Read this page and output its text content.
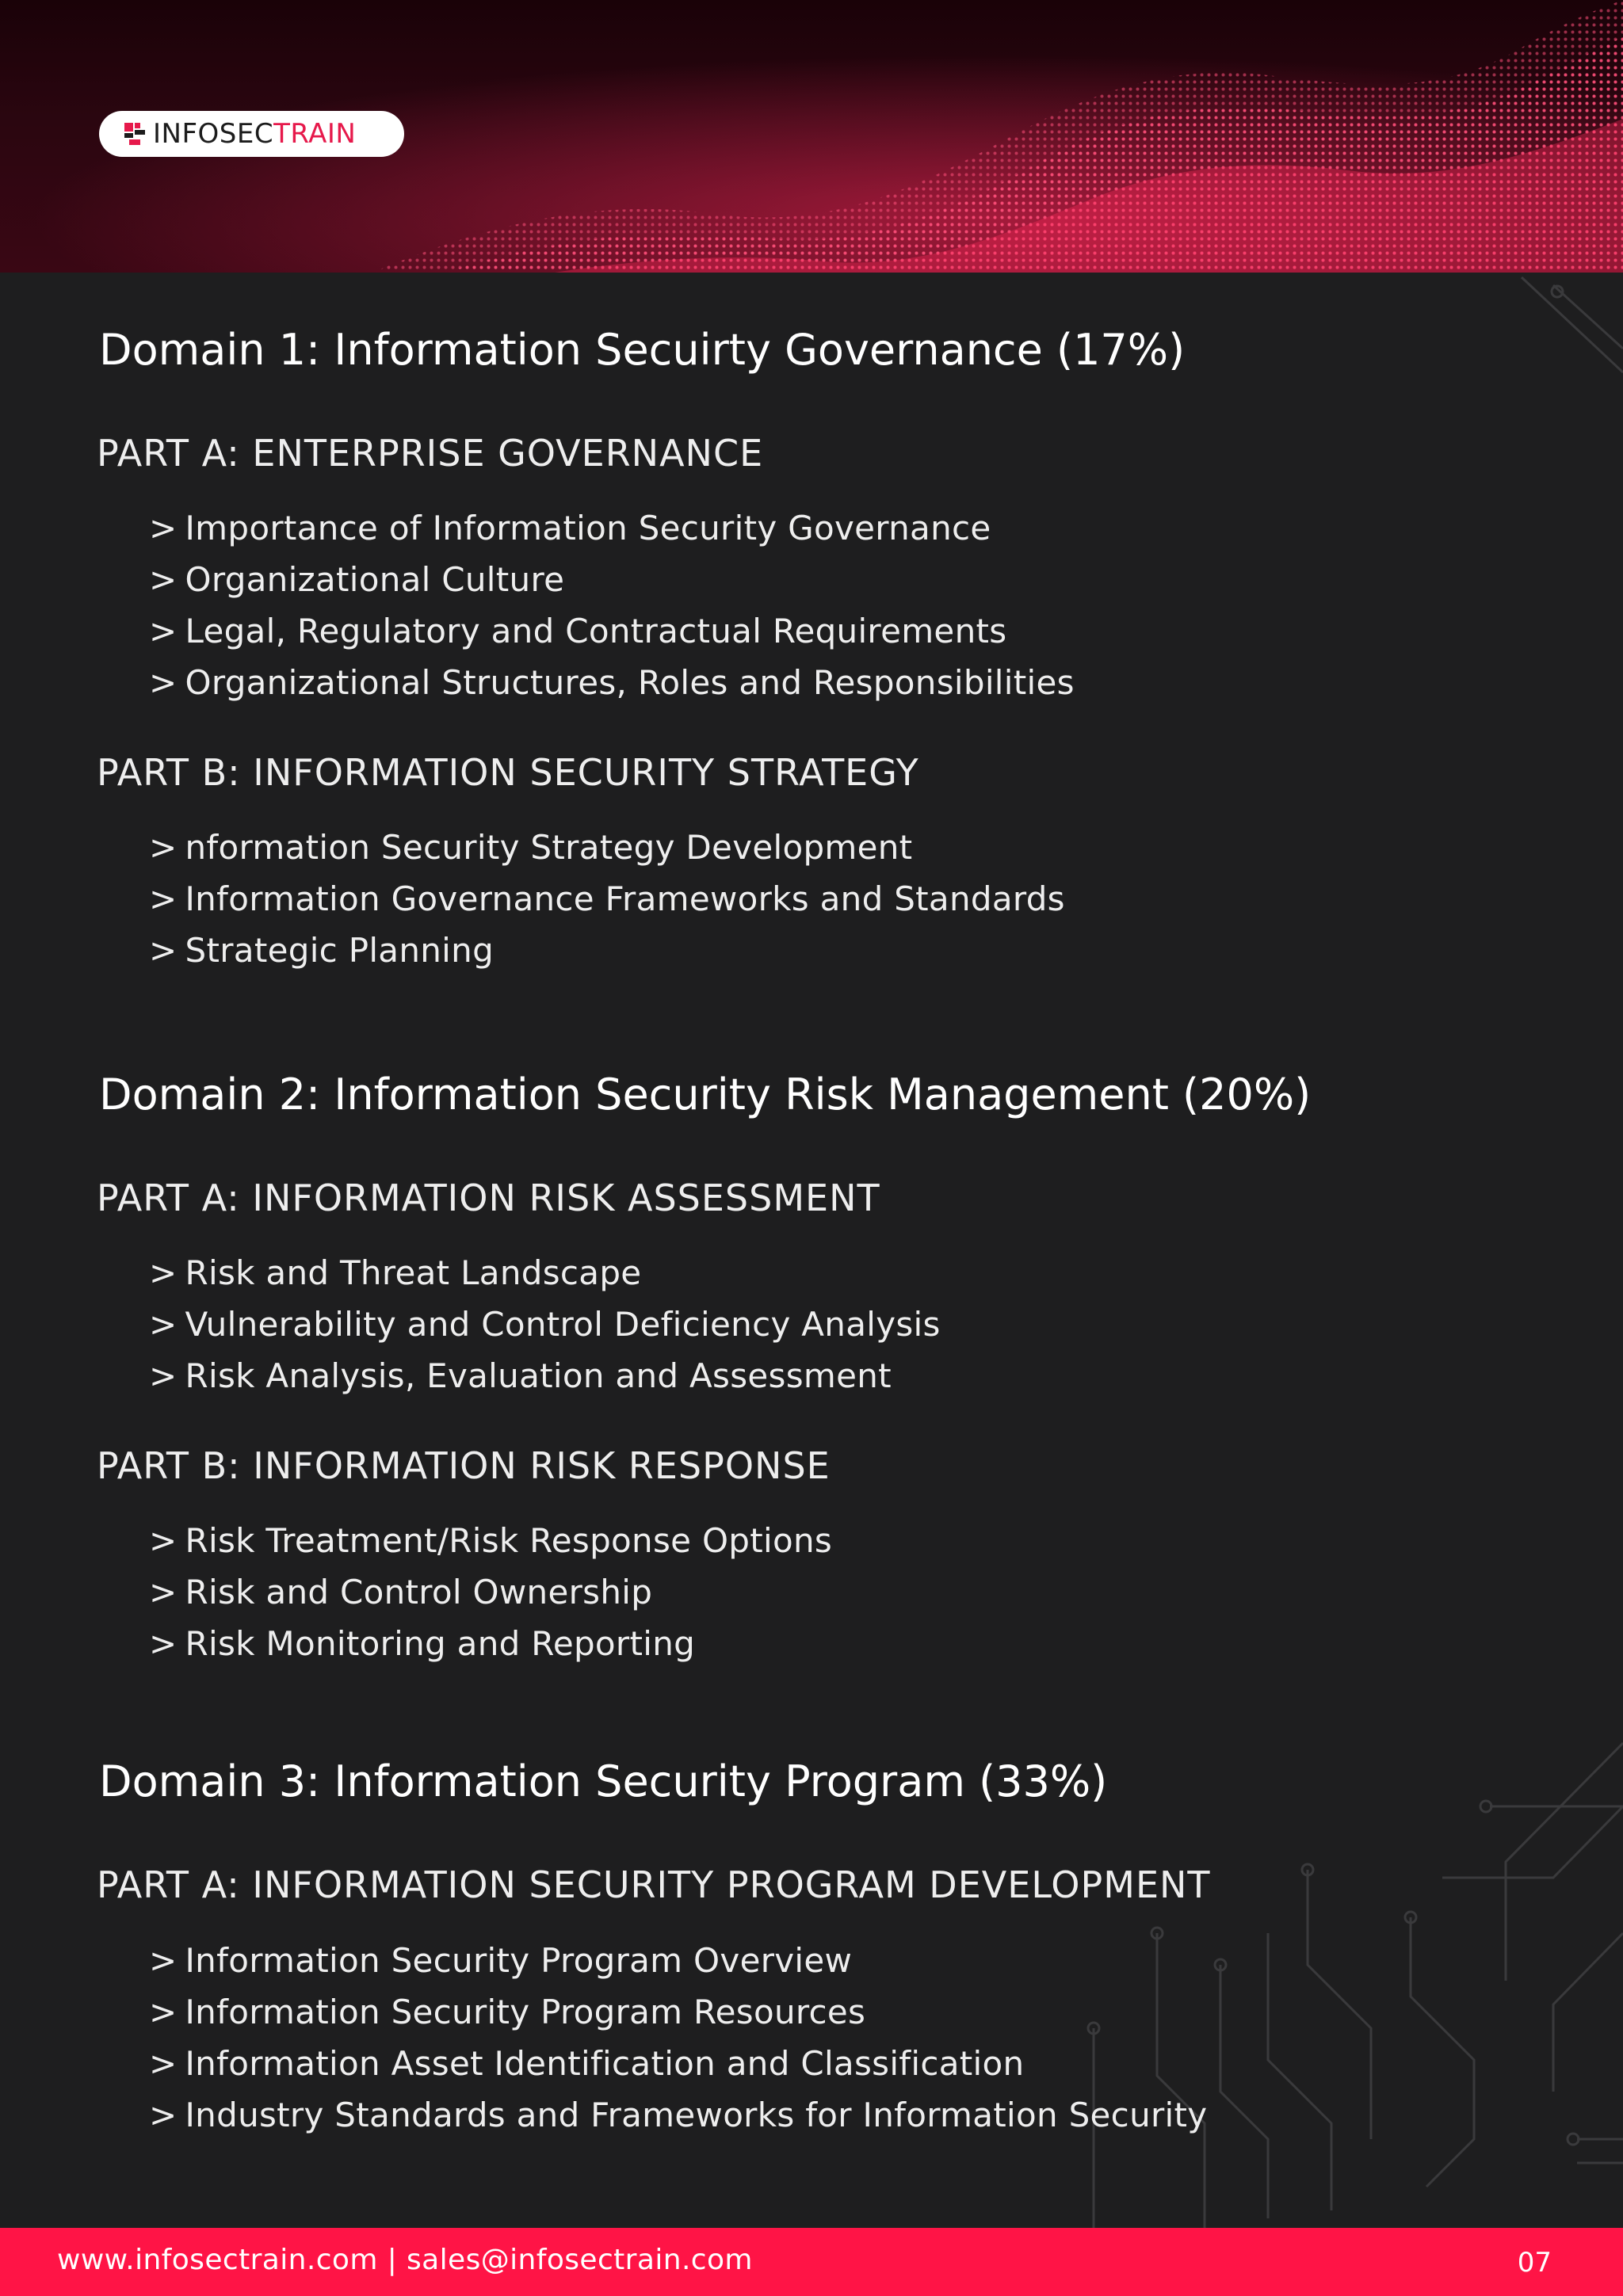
INFOSECTRAIN
Domain 1: Information Secuirty Governance (17%)
PART A: ENTERPRISE GOVERNANCE

> Importance of Information Security Governance

> Organizational Culture

> Legal, Regulatory and Contractual Requirements

> Organizational Structures, Roles and Responsibilities

PART B: INFORMATION SECURITY STRATEGY

> nformation Security Strategy Development

> Information Governance Frameworks and Standards

> Strategic Planning

Domain 2: Information Security Risk Management (20%)
PART A: INFORMATION RISK ASSESSMENT

> Risk and Threat Landscape

> Vulnerability and Control Deficiency Analysis

> Risk Analysis, Evaluation and Assessment

PART B: INFORMATION RISK RESPONSE

> Risk Treatment/Risk Response Options

> Risk and Control Ownership

> Risk Monitoring and Reporting

Domain 3: Information Security Program (33%)
PART A: INFORMATION SECURITY PROGRAM DEVELOPMENT

> Information Security Program Overview

> Information Security Program Resources

> Information Asset Identification and Classification

> Industry Standards and Frameworks for Information Security

www.infosectrain.com | sales@infosectrain.com	07
